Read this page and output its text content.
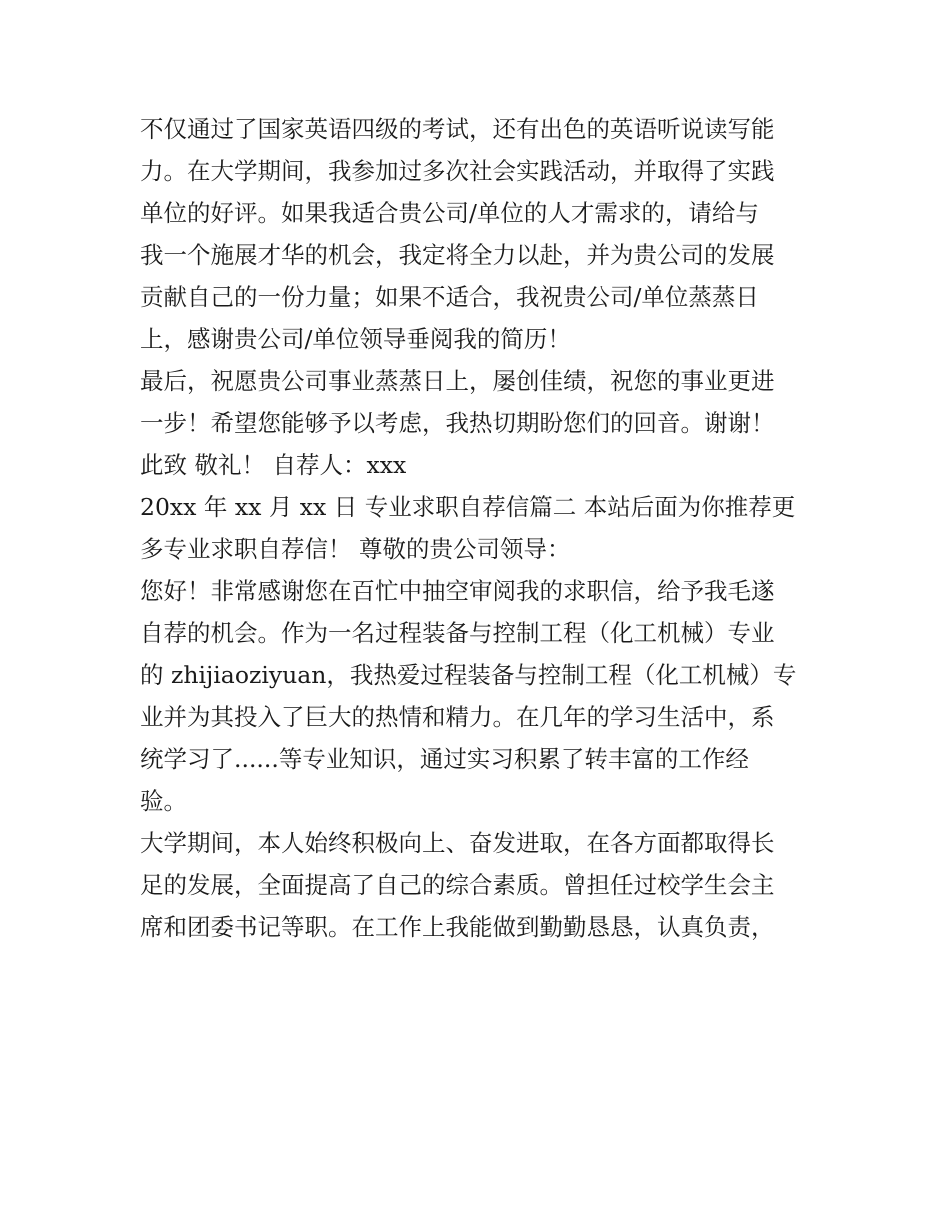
不仅通过了国家英语四级的考试，还有出色的英语听说读写能
力。在大学期间，我参加过多次社会实践活动，并取得了实践
单位的好评。如果我适合贵公司/单位的人才需求的，请给与
我一个施展才华的机会，我定将全力以赴，并为贵公司的发展
贡献自己的一份力量；如果不适合，我祝贵公司/单位蒸蒸日
上，感谢贵公司/单位领导垂阅我的简历！
最后，祝愿贵公司事业蒸蒸日上，屡创佳绩，祝您的事业更进
一步！希望您能够予以考虑，我热切期盼您们的回音。谢谢！
此致 敬礼！ 自荐人：xxx
20xx 年 xx 月 xx 日 专业求职自荐信篇二 本站后面为你推荐更
多专业求职自荐信！ 尊敬的贵公司领导：
您好！非常感谢您在百忙中抽空审阅我的求职信，给予我毛遂
自荐的机会。作为一名过程装备与控制工程（化工机械）专业
的 zhijiaoziyuan，我热爱过程装备与控制工程（化工机械）专
业并为其投入了巨大的热情和精力。在几年的学习生活中，系
统学习了......等专业知识，通过实习积累了转丰富的工作经
验。
大学期间，本人始终积极向上、奋发进取，在各方面都取得长
足的发展，全面提高了自己的综合素质。曾担任过校学生会主
席和团委书记等职。在工作上我能做到勤勤恳恳，认真负责，
